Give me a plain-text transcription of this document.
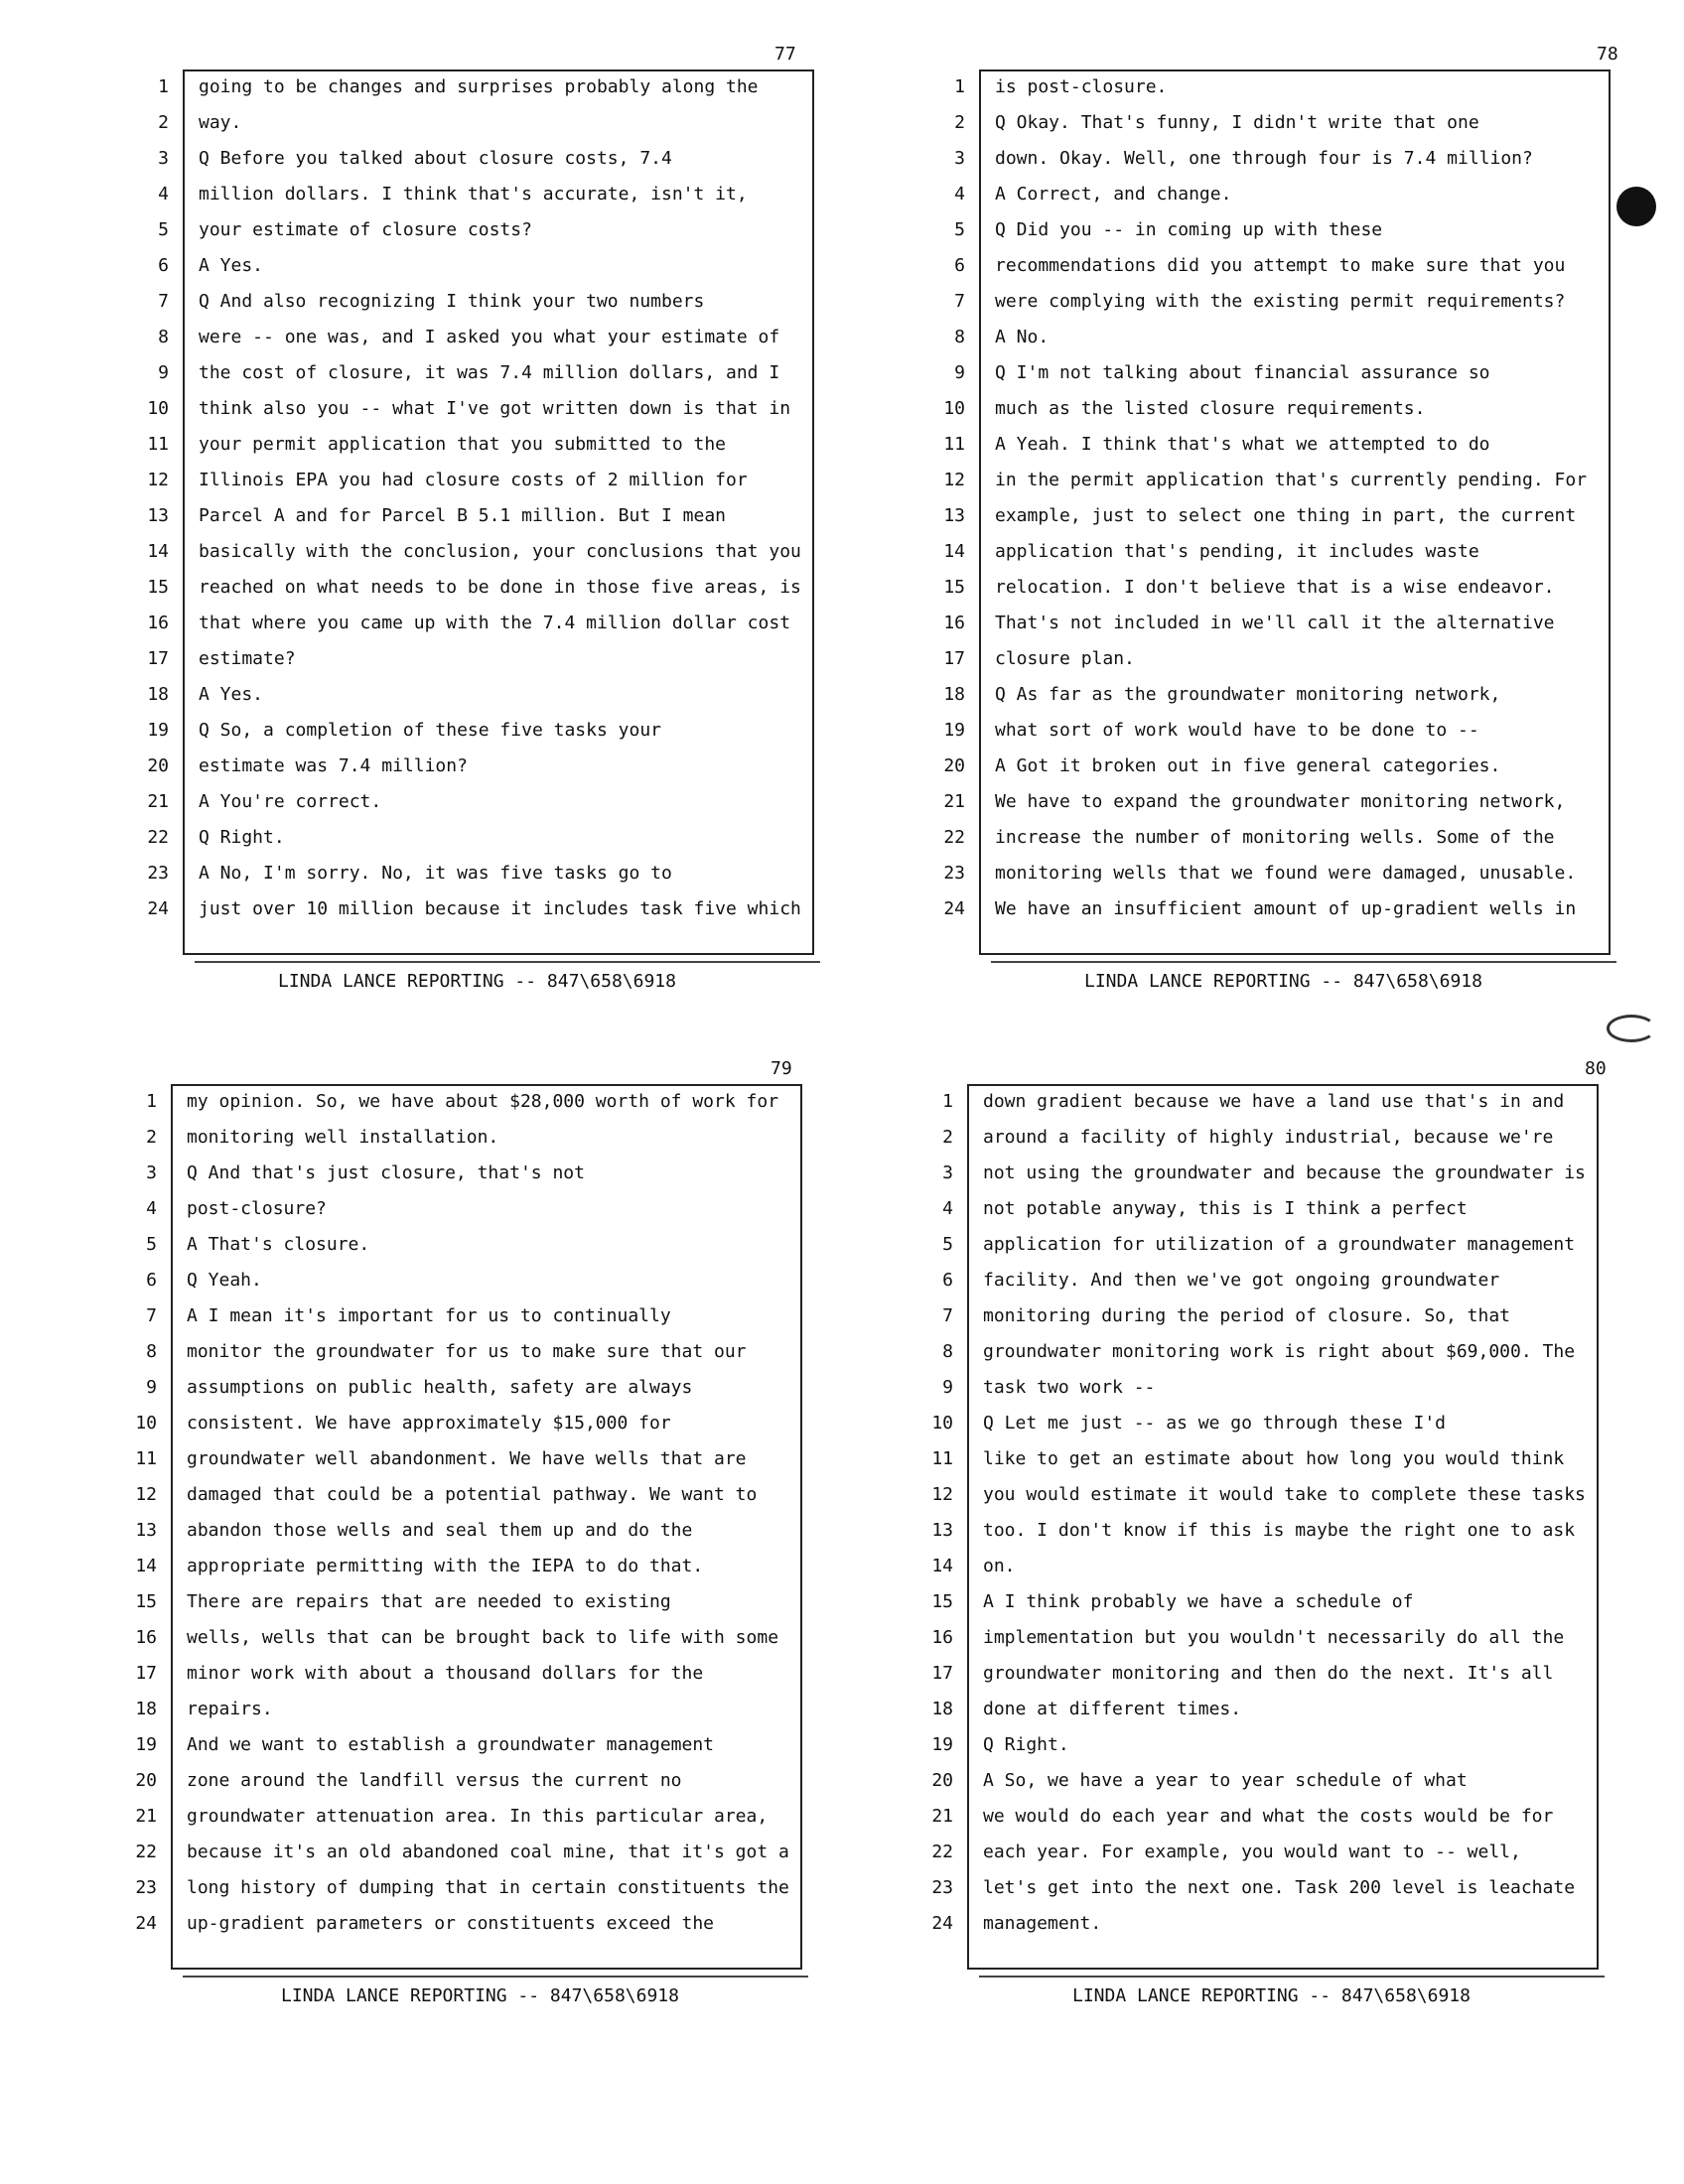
77
1 going to be changes and surprises probably along the
2 way.
3 Q Before you talked about closure costs, 7.4
4 million dollars. I think that's accurate, isn't it,
5 your estimate of closure costs?
6 A Yes.
7 Q And also recognizing I think your two numbers
8 were -- one was, and I asked you what your estimate of
9 the cost of closure, it was 7.4 million dollars, and I
10 think also you -- what I've got written down is that in
11 your permit application that you submitted to the
12 Illinois EPA you had closure costs of 2 million for
13 Parcel A and for Parcel B 5.1 million. But I mean
14 basically with the conclusion, your conclusions that you
15 reached on what needs to be done in those five areas, is
16 that where you came up with the 7.4 million dollar cost
17 estimate?
18 A Yes.
19 Q So, a completion of these five tasks your
20 estimate was 7.4 million?
21 A You're correct.
22 Q Right.
23 A No, I'm sorry. No, it was five tasks go to
24 just over 10 million because it includes task five which
LINDA LANCE REPORTING -- 847\658\6918
78
1 is post-closure.
2 Q Okay. That's funny, I didn't write that one
3 down. Okay. Well, one through four is 7.4 million?
4 A Correct, and change.
5 Q Did you -- in coming up with these
6 recommendations did you attempt to make sure that you
7 were complying with the existing permit requirements?
8 A No.
9 Q I'm not talking about financial assurance so
10 much as the listed closure requirements.
11 A Yeah. I think that's what we attempted to do
12 in the permit application that's currently pending. For
13 example, just to select one thing in part, the current
14 application that's pending, it includes waste
15 relocation. I don't believe that is a wise endeavor.
16 That's not included in we'll call it the alternative
17 closure plan.
18 Q As far as the groundwater monitoring network,
19 what sort of work would have to be done to --
20 A Got it broken out in five general categories.
21 We have to expand the groundwater monitoring network,
22 increase the number of monitoring wells. Some of the
23 monitoring wells that we found were damaged, unusable.
24 We have an insufficient amount of up-gradient wells in
LINDA LANCE REPORTING -- 847\658\6918
79
1 my opinion. So, we have about $28,000 worth of work for
2 monitoring well installation.
3 Q And that's just closure, that's not
4 post-closure?
5 A That's closure.
6 Q Yeah.
7 A I mean it's important for us to continually
8 monitor the groundwater for us to make sure that our
9 assumptions on public health, safety are always
10 consistent. We have approximately $15,000 for
11 groundwater well abandonment. We have wells that are
12 damaged that could be a potential pathway. We want to
13 abandon those wells and seal them up and do the
14 appropriate permitting with the IEPA to do that.
15 There are repairs that are needed to existing
16 wells, wells that can be brought back to life with some
17 minor work with about a thousand dollars for the
18 repairs.
19 And we want to establish a groundwater management
20 zone around the landfill versus the current no
21 groundwater attenuation area. In this particular area,
22 because it's an old abandoned coal mine, that it's got a
23 long history of dumping that in certain constituents the
24 up-gradient parameters or constituents exceed the
LINDA LANCE REPORTING -- 847\658\6918
80
1 down gradient because we have a land use that's in and
2 around a facility of highly industrial, because we're
3 not using the groundwater and because the groundwater is
4 not potable anyway, this is I think a perfect
5 application for utilization of a groundwater management
6 facility. And then we've got ongoing groundwater
7 monitoring during the period of closure. So, that
8 groundwater monitoring work is right about $69,000. The
9 task two work --
10 Q Let me just -- as we go through these I'd
11 like to get an estimate about how long you would think
12 you would estimate it would take to complete these tasks
13 too. I don't know if this is maybe the right one to ask
14 on.
15 A I think probably we have a schedule of
16 implementation but you wouldn't necessarily do all the
17 groundwater monitoring and then do the next. It's all
18 done at different times.
19 Q Right.
20 A So, we have a year to year schedule of what
21 we would do each year and what the costs would be for
22 each year. For example, you would want to -- well,
23 let's get into the next one. Task 200 level is leachate
24 management.
LINDA LANCE REPORTING -- 847\658\6918
